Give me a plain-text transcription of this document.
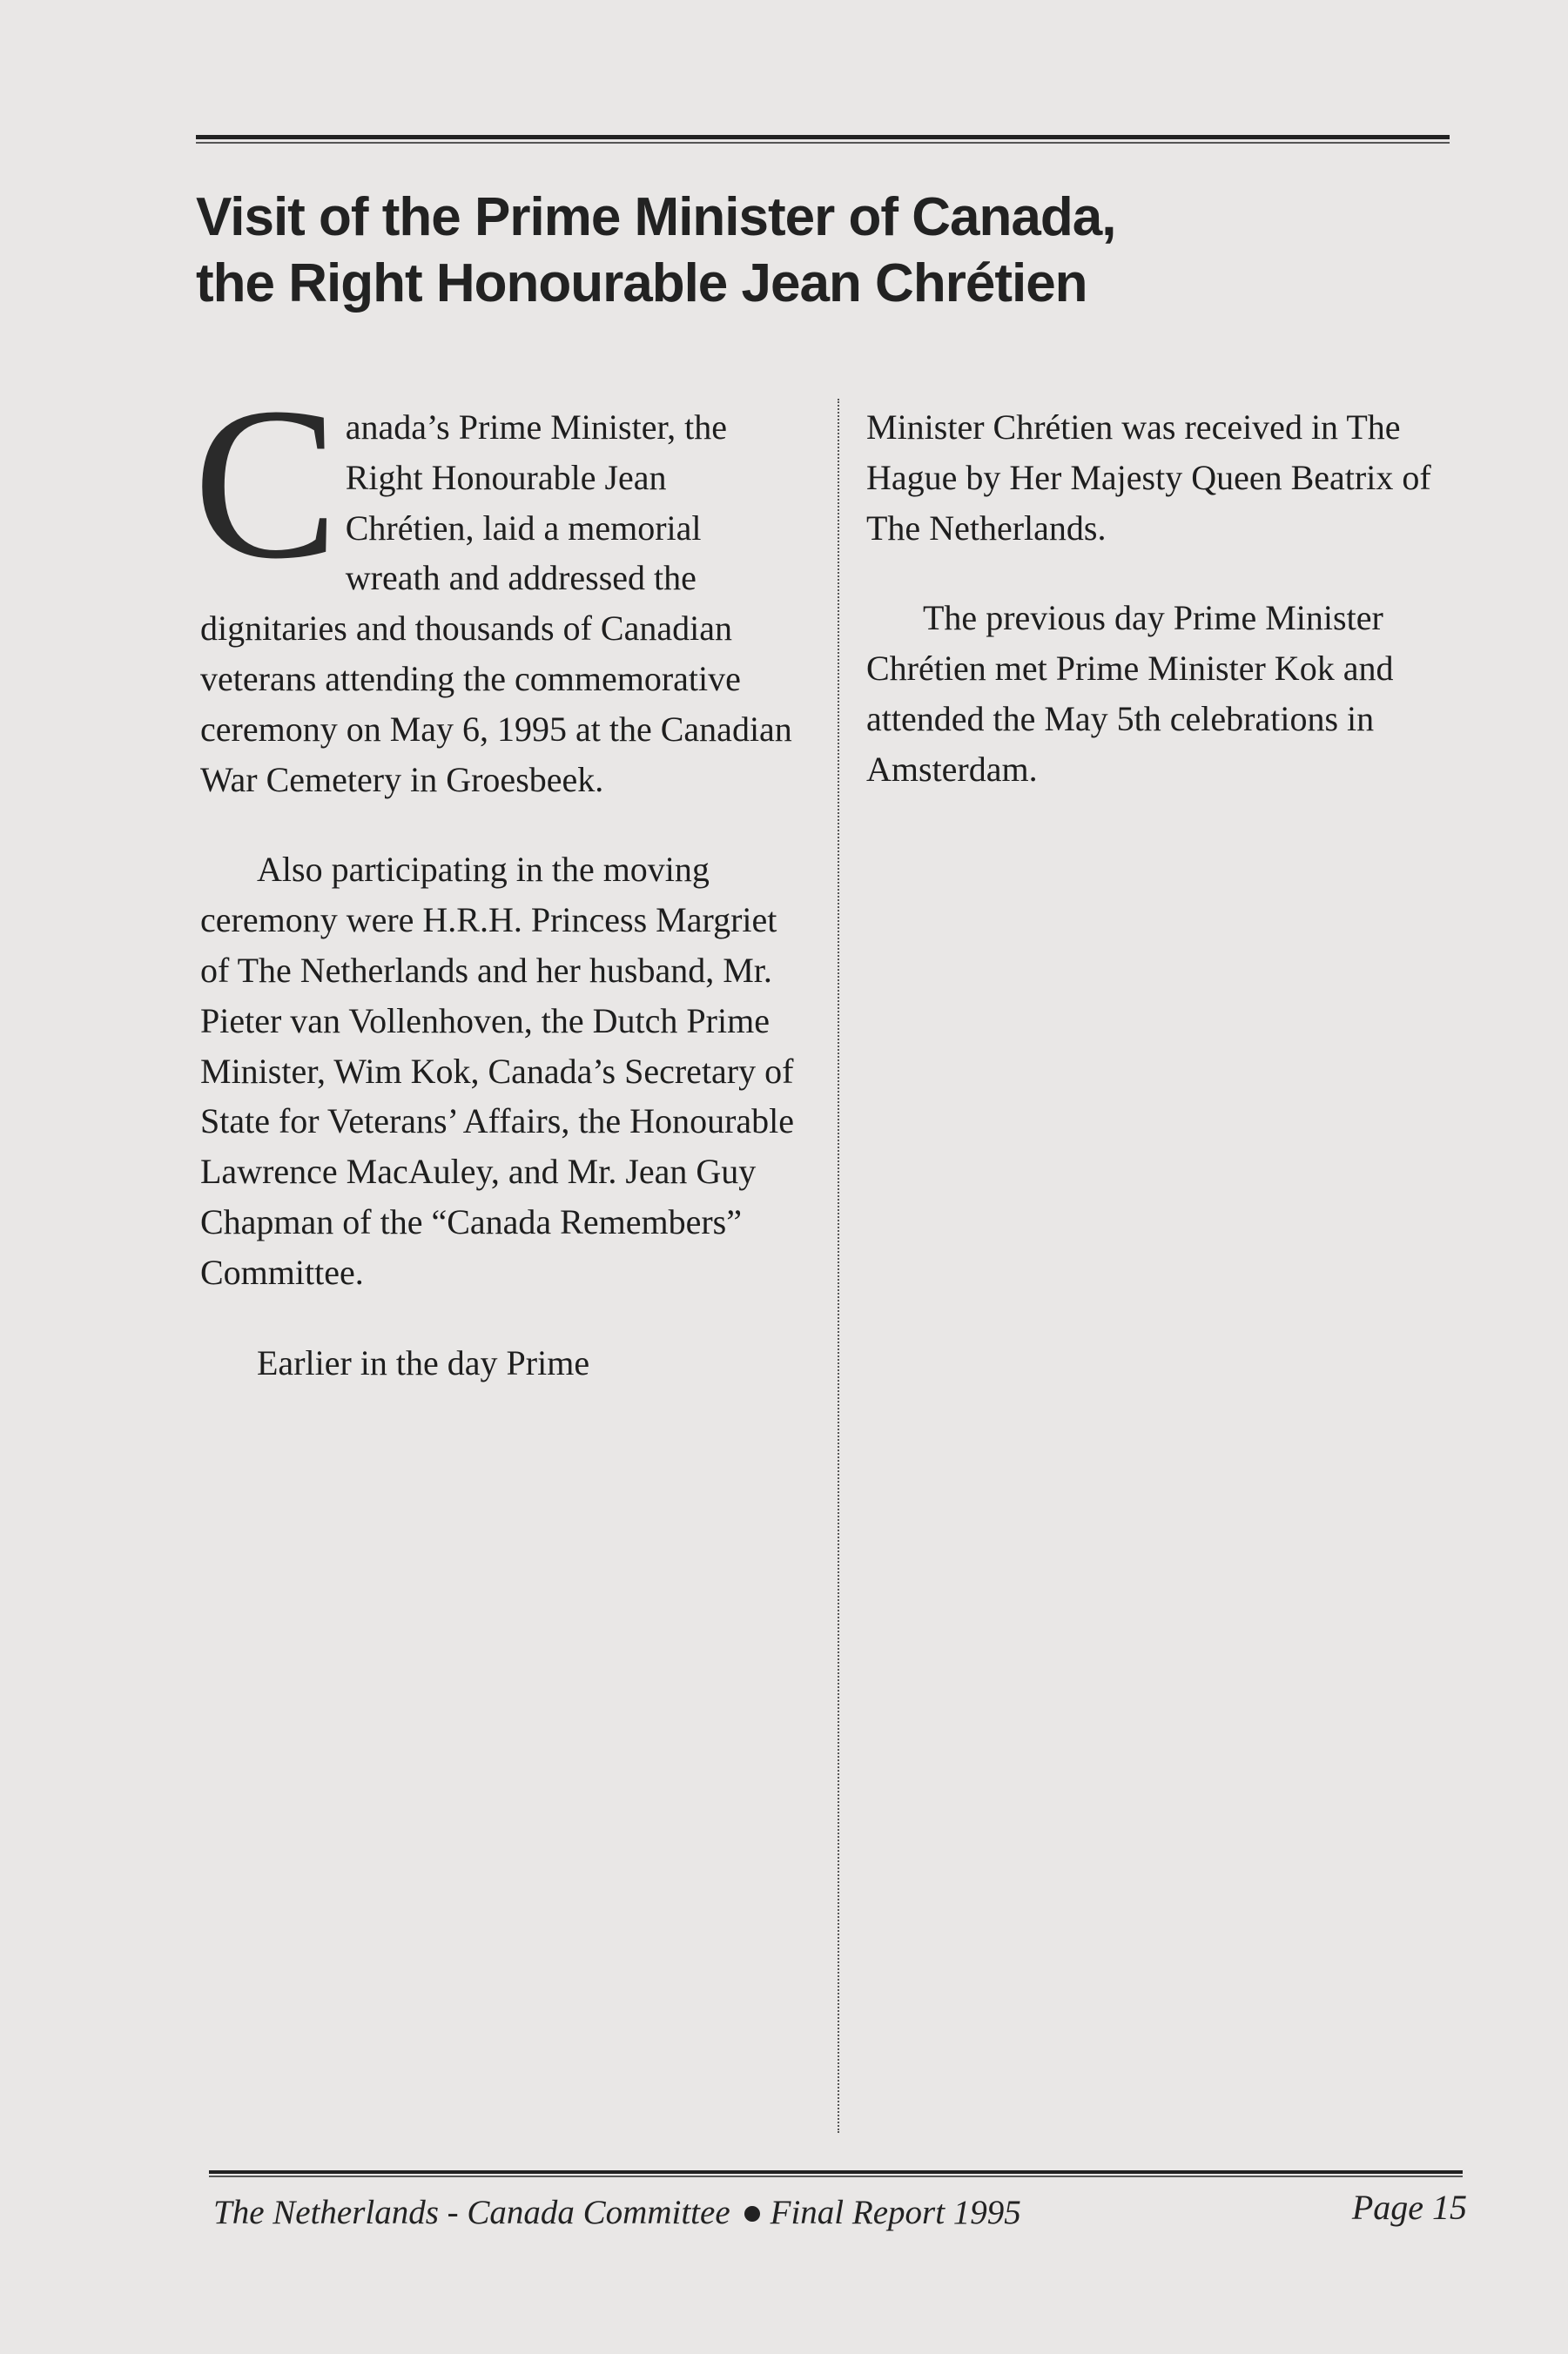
Visit of the Prime Minister of Canada,
the Right Honourable Jean Chrétien

C anada’s Prime Minister, the Right Honourable Jean Chrétien, laid a memorial wreath and addressed the dignitaries and thousands of Canadian veterans attending the commemorative ceremony on May 6, 1995 at the Canadian War Cemetery in Groesbeek.

Also participating in the moving ceremony were H.R.H. Princess Margriet of The Netherlands and her husband, Mr. Pieter van Vollenhoven, the Dutch Prime Minister, Wim Kok, Canada’s Secretary of State for Veterans’ Affairs, the Honourable Lawrence MacAuley, and Mr. Jean Guy Chapman of the “Canada Remembers” Committee.

Earlier in the day Prime

Minister Chrétien was received in The Hague by Her Majesty Queen Beatrix of The Netherlands.

The previous day Prime Minister Chrétien met Prime Minister Kok and attended the May 5th celebrations in Amsterdam.

The Netherlands - Canada Committee Final Report 1995	Page 15
